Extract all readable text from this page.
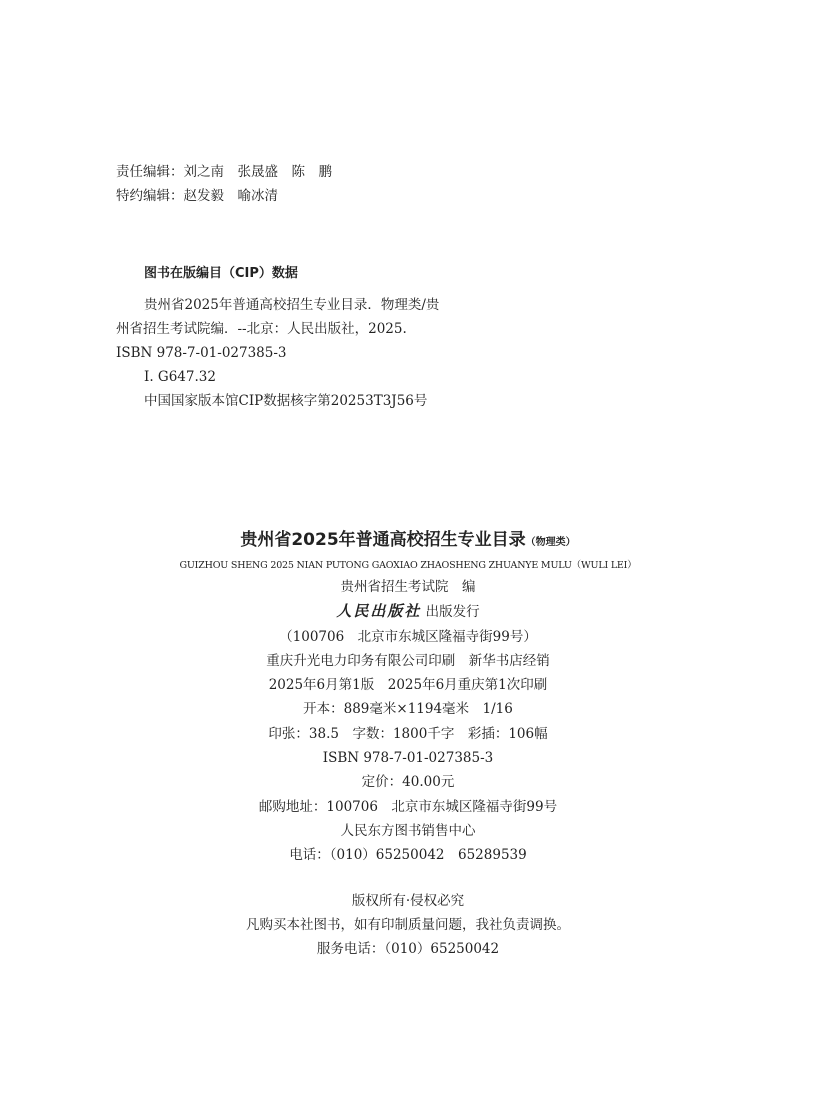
责任编辑：刘之南　张晟盛　陈　鹏
特约编辑：赵发毅　喻冰清
图书在版编目（CIP）数据
贵州省2025年普通高校招生专业目录．物理类/贵
州省招生考试院编．--北京：人民出版社，2025.
ISBN 978-7-01-027385-3
Ⅰ. G647.32
中国国家版本馆CIP数据核字第20253T3J56号
贵州省2025年普通高校招生专业目录（物理类）
GUIZHOU SHENG 2025 NIAN PUTONG GAOXIAO ZHAOSHENG ZHUANYE MULU（WULI LEI）
贵州省招生考试院　编
人民出版社 出版发行
（100706　北京市东城区隆福寺街99号）
重庆升光电力印务有限公司印刷　新华书店经销
2025年6月第1版　2025年6月重庆第1次印刷
开本：889毫米×1194毫米　1/16
印张：38.5　字数：1800千字　彩插：106幅
ISBN 978-7-01-027385-3
定价：40.00元
邮购地址：100706　北京市东城区隆福寺街99号
人民东方图书销售中心
电话：（010）65250042　65289539
版权所有·侵权必究
凡购买本社图书，如有印制质量问题，我社负责调换。
服务电话：（010）65250042
